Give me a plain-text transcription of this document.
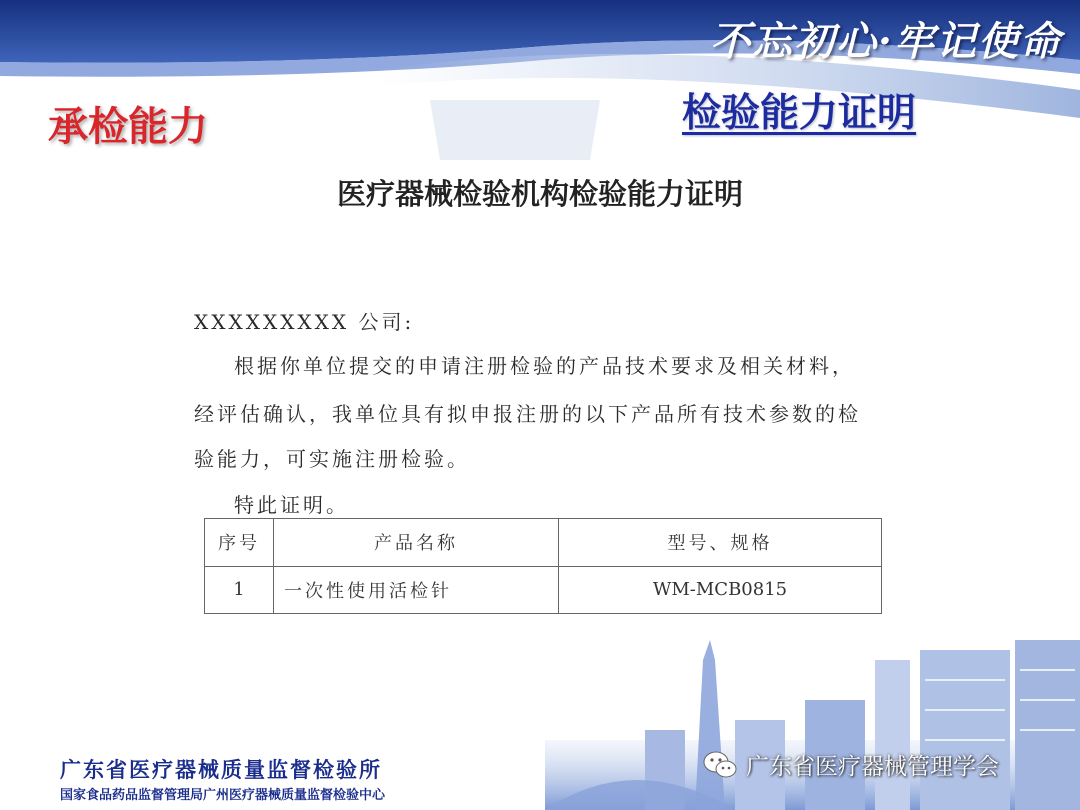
不忘初心·牢记使命
承检能力	检验能力证明
医疗器械检验机构检验能力证明
XXXXXXXXX 公司:
根据你单位提交的申请注册检验的产品技术要求及相关材料，
经评估确认，我单位具有拟申报注册的以下产品所有技术参数的检
验能力，可实施注册检验。
特此证明。
序号	产品名称	型号、规格
1	一次性使用活检针	WM-MCB0815
广东省医疗器械质量监督检验所
国家食品药品监督管理局广州医疗器械质量监督检验中心
广东省医疗器械管理学会
